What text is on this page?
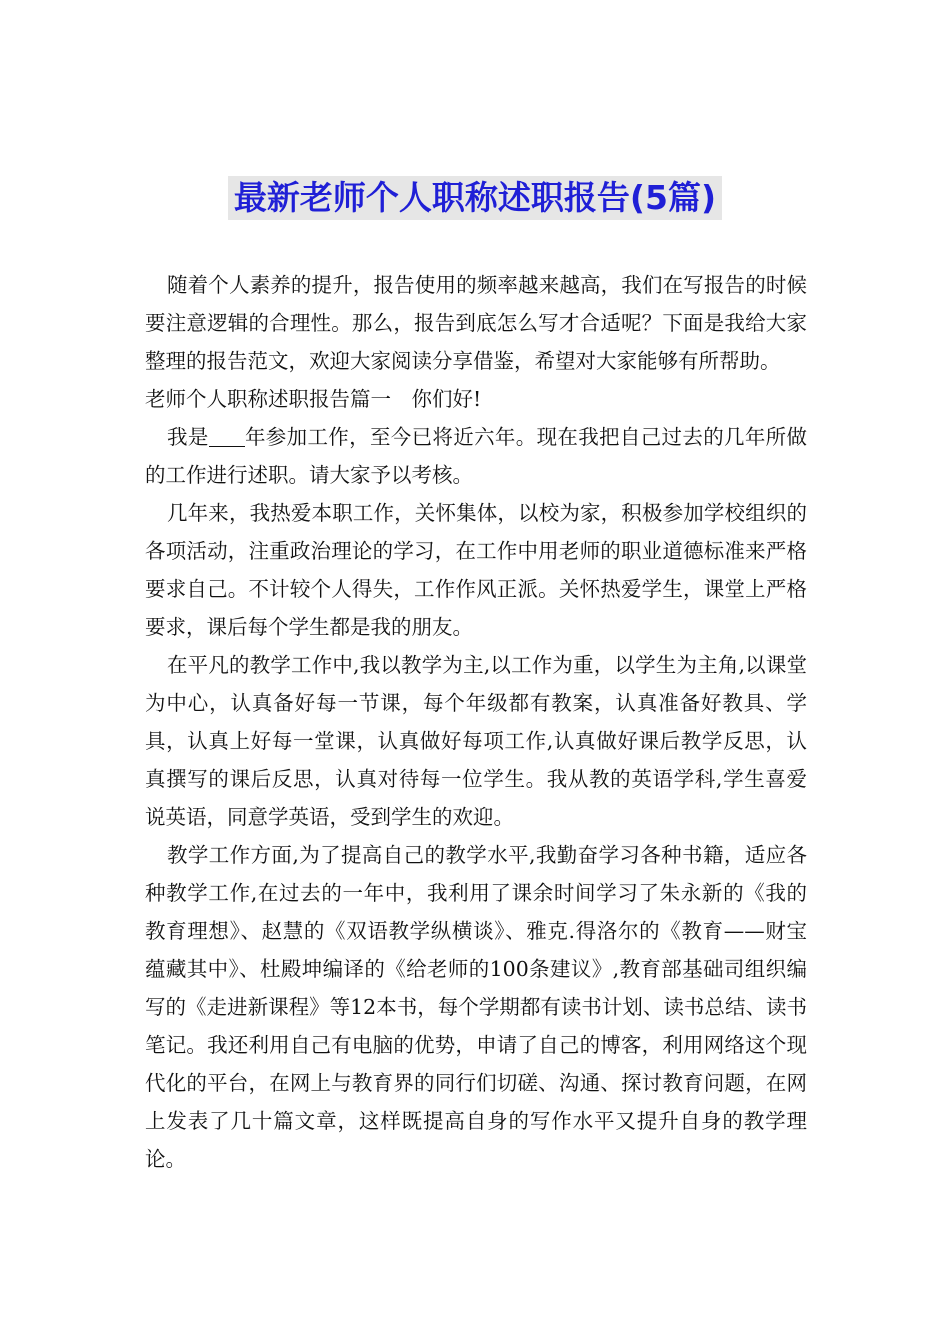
最新老师个人职称述职报告(5篇)

随着个人素养的提升，报告使用的频率越来越高，我们在写报告的时候要注意逻辑的合理性。那么，报告到底怎么写才合适呢？下面是我给大家整理的报告范文，欢迎大家阅读分享借鉴，希望对大家能够有所帮助。

老师个人职称述职报告篇一　你们好!

我是 年参加工作，至今已将近六年。现在我把自己过去的几年所做的工作进行述职。请大家予以考核。

几年来，我热爱本职工作，关怀集体，以校为家，积极参加学校组织的各项活动，注重政治理论的学习，在工作中用老师的职业道德标准来严格要求自己。不计较个人得失，工作作风正派。关怀热爱学生，课堂上严格要求，课后每个学生都是我的朋友。

在平凡的教学工作中,我以教学为主,以工作为重，以学生为主角,以课堂为中心，认真备好每一节课，每个年级都有教案，认真准备好教具、学具，认真上好每一堂课，认真做好每项工作,认真做好课后教学反思，认真撰写的课后反思，认真对待每一位学生。我从教的英语学科,学生喜爱说英语，同意学英语，受到学生的欢迎。

教学工作方面,为了提高自己的教学水平,我勤奋学习各种书籍，适应各种教学工作,在过去的一年中，我利用了课余时间学习了朱永新的《我的教育理想》、赵慧的《双语教学纵横谈》、雅克.得洛尔的《教育——财宝蕴藏其中》、杜殿坤编译的《给老师的100条建议》,教育部基础司组织编写的《走进新课程》等12本书，每个学期都有读书计划、读书总结、读书笔记。我还利用自己有电脑的优势，申请了自己的博客，利用网络这个现代化的平台，在网上与教育界的同行们切磋、沟通、探讨教育问题，在网上发表了几十篇文章，这样既提高自身的写作水平又提升自身的教学理论。
